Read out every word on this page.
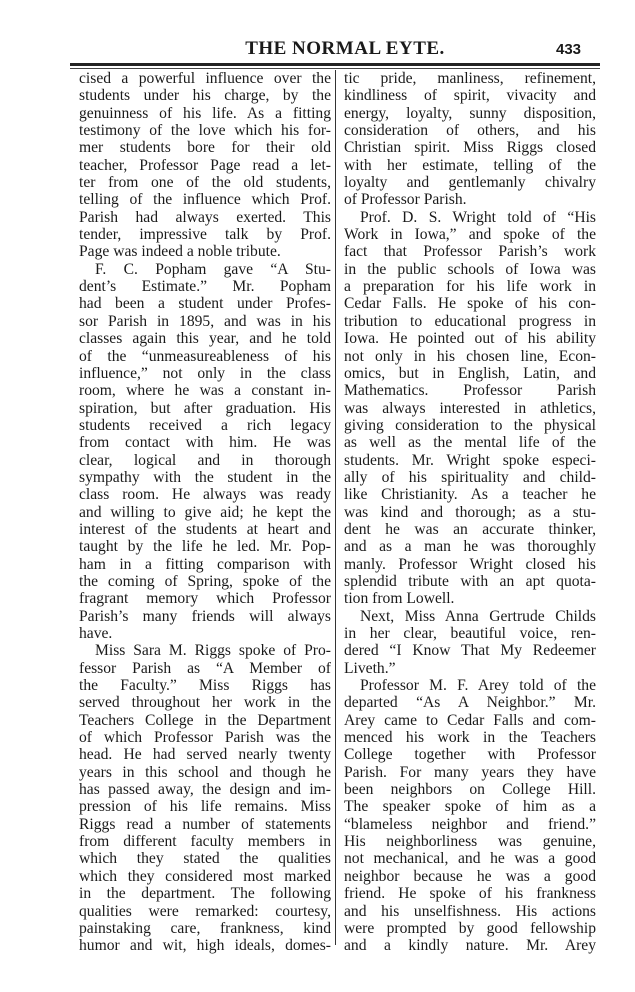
THE NORMAL EYTE.	433
cised a powerful influence over the
students under his charge, by the
genuinness of his life. As a fitting
testimony of the love which his for-
mer students bore for their old
teacher, Professor Page read a let-
ter from one of the old students,
telling of the influence which Prof.
Parish had always exerted. This
tender, impressive talk by Prof.
Page was indeed a noble tribute.
F. C. Popham gave “A Stu-
dent’s Estimate.” Mr. Popham
had been a student under Profes-
sor Parish in 1895, and was in his
classes again this year, and he told
of the “unmeasureableness of his
influence,” not only in the class
room, where he was a constant in-
spiration, but after graduation. His
students received a rich legacy
from contact with him. He was
clear, logical and in thorough
sympathy with the student in the
class room. He always was ready
and willing to give aid; he kept the
interest of the students at heart and
taught by the life he led. Mr. Pop-
ham in a fitting comparison with
the coming of Spring, spoke of the
fragrant memory which Professor
Parish’s many friends will always
have.
Miss Sara M. Riggs spoke of Pro-
fessor Parish as “A Member of
the Faculty.” Miss Riggs has
served throughout her work in the
Teachers College in the Department
of which Professor Parish was the
head. He had served nearly twenty
years in this school and though he
has passed away, the design and im-
pression of his life remains. Miss
Riggs read a number of statements
from different faculty members in
which they stated the qualities
which they considered most marked
in the department. The following
qualities were remarked: courtesy,
painstaking care, frankness, kind
humor and wit, high ideals, domes-
tic pride, manliness, refinement,
kindliness of spirit, vivacity and
energy, loyalty, sunny disposition,
consideration of others, and his
Christian spirit. Miss Riggs closed
with her estimate, telling of the
loyalty and gentlemanly chivalry
of Professor Parish.
Prof. D. S. Wright told of “His
Work in Iowa,” and spoke of the
fact that Professor Parish’s work
in the public schools of Iowa was
a preparation for his life work in
Cedar Falls. He spoke of his con-
tribution to educational progress in
Iowa. He pointed out of his ability
not only in his chosen line, Econ-
omics, but in English, Latin, and
Mathematics. Professor Parish
was always interested in athletics,
giving consideration to the physical
as well as the mental life of the
students. Mr. Wright spoke especi-
ally of his spirituality and child-
like Christianity. As a teacher he
was kind and thorough; as a stu-
dent he was an accurate thinker,
and as a man he was thoroughly
manly. Professor Wright closed his
splendid tribute with an apt quota-
tion from Lowell.
Next, Miss Anna Gertrude Childs
in her clear, beautiful voice, ren-
dered “I Know That My Redeemer
Liveth.”
Professor M. F. Arey told of the
departed “As A Neighbor.” Mr.
Arey came to Cedar Falls and com-
menced his work in the Teachers
College together with Professor
Parish. For many years they have
been neighbors on College Hill.
The speaker spoke of him as a
“blameless neighbor and friend.”
His neighborliness was genuine,
not mechanical, and he was a good
neighbor because he was a good
friend. He spoke of his frankness
and his unselfishness. His actions
were prompted by good fellowship
and a kindly nature. Mr. Arey
